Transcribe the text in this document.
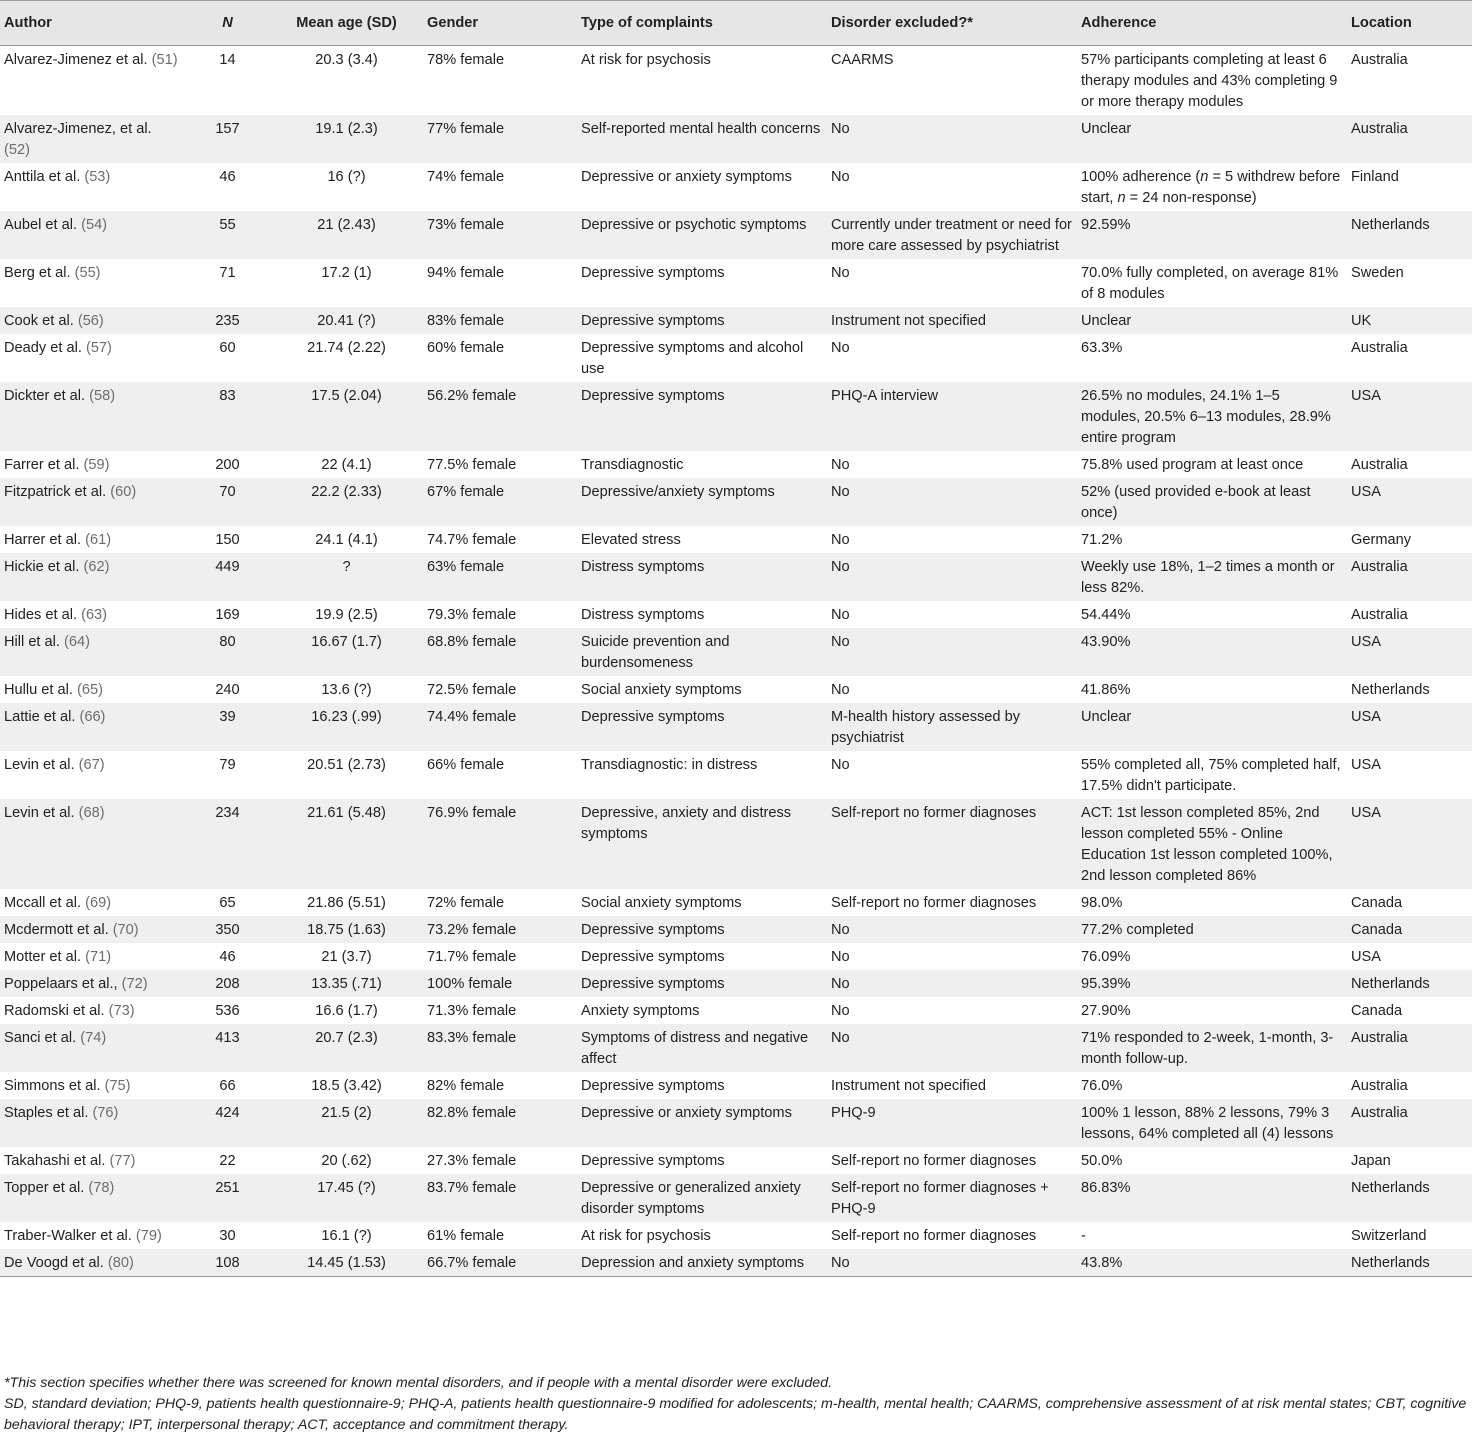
Author	N	Mean age (SD)	Gender	Type of complaints	Disorder excluded?*	Adherence	Location
Alvarez-Jimenez et al. (51)	14	20.3 (3.4)	78% female	At risk for psychosis	CAARMS	57% participants completing at least 6 therapy modules and 43% completing 9 or more therapy modules	Australia
Alvarez-Jimenez, et al. (52)	157	19.1 (2.3)	77% female	Self-reported mental health concerns	No	Unclear	Australia
Anttila et al. (53)	46	16 (?)	74% female	Depressive or anxiety symptoms	No	100% adherence (n = 5 withdrew before start, n = 24 non-response)	Finland
Aubel et al. (54)	55	21 (2.43)	73% female	Depressive or psychotic symptoms	Currently under treatment or need for more care assessed by psychiatrist	92.59%	Netherlands
Berg et al. (55)	71	17.2 (1)	94% female	Depressive symptoms	No	70.0% fully completed, on average 81% of 8 modules	Sweden
Cook et al. (56)	235	20.41 (?)	83% female	Depressive symptoms	Instrument not specified	Unclear	UK
Deady et al. (57)	60	21.74 (2.22)	60% female	Depressive symptoms and alcohol use	No	63.3%	Australia
Dickter et al. (58)	83	17.5 (2.04)	56.2% female	Depressive symptoms	PHQ-A interview	26.5% no modules, 24.1% 1–5 modules, 20.5% 6–13 modules, 28.9% entire program	USA
Farrer et al. (59)	200	22 (4.1)	77.5% female	Transdiagnostic	No	75.8% used program at least once	Australia
Fitzpatrick et al. (60)	70	22.2 (2.33)	67% female	Depressive/anxiety symptoms	No	52% (used provided e-book at least once)	USA
Harrer et al. (61)	150	24.1 (4.1)	74.7% female	Elevated stress	No	71.2%	Germany
Hickie et al. (62)	449	?	63% female	Distress symptoms	No	Weekly use 18%, 1–2 times a month or less 82%.	Australia
Hides et al. (63)	169	19.9 (2.5)	79.3% female	Distress symptoms	No	54.44%	Australia
Hill et al. (64)	80	16.67 (1.7)	68.8% female	Suicide prevention and burdensomeness	No	43.90%	USA
Hullu et al. (65)	240	13.6 (?)	72.5% female	Social anxiety symptoms	No	41.86%	Netherlands
Lattie et al. (66)	39	16.23 (.99)	74.4% female	Depressive symptoms	M-health history assessed by psychiatrist	Unclear	USA
Levin et al. (67)	79	20.51 (2.73)	66% female	Transdiagnostic: in distress	No	55% completed all, 75% completed half, 17.5% didn't participate.	USA
Levin et al. (68)	234	21.61 (5.48)	76.9% female	Depressive, anxiety and distress symptoms	Self-report no former diagnoses	ACT: 1st lesson completed 85%, 2nd lesson completed 55% - Online Education 1st lesson completed 100%, 2nd lesson completed 86%	USA
Mccall et al. (69)	65	21.86 (5.51)	72% female	Social anxiety symptoms	Self-report no former diagnoses	98.0%	Canada
Mcdermott et al. (70)	350	18.75 (1.63)	73.2% female	Depressive symptoms	No	77.2% completed	Canada
Motter et al. (71)	46	21 (3.7)	71.7% female	Depressive symptoms	No	76.09%	USA
Poppelaars et al., (72)	208	13.35 (.71)	100% female	Depressive symptoms	No	95.39%	Netherlands
Radomski et al. (73)	536	16.6 (1.7)	71.3% female	Anxiety symptoms	No	27.90%	Canada
Sanci et al. (74)	413	20.7 (2.3)	83.3% female	Symptoms of distress and negative affect	No	71% responded to 2-week, 1-month, 3-month follow-up.	Australia
Simmons et al. (75)	66	18.5 (3.42)	82% female	Depressive symptoms	Instrument not specified	76.0%	Australia
Staples et al. (76)	424	21.5 (2)	82.8% female	Depressive or anxiety symptoms	PHQ-9	100% 1 lesson, 88% 2 lessons, 79% 3 lessons, 64% completed all (4) lessons	Australia
Takahashi et al. (77)	22	20 (.62)	27.3% female	Depressive symptoms	Self-report no former diagnoses	50.0%	Japan
Topper et al. (78)	251	17.45 (?)	83.7% female	Depressive or generalized anxiety disorder symptoms	Self-report no former diagnoses + PHQ-9	86.83%	Netherlands
Traber-Walker et al. (79)	30	16.1 (?)	61% female	At risk for psychosis	Self-report no former diagnoses	-	Switzerland
De Voogd et al. (80)	108	14.45 (1.53)	66.7% female	Depression and anxiety symptoms	No	43.8%	Netherlands
*This section specifies whether there was screened for known mental disorders, and if people with a mental disorder were excluded.
SD, standard deviation; PHQ-9, patients health questionnaire-9; PHQ-A, patients health questionnaire-9 modified for adolescents; m-health, mental health; CAARMS, comprehensive assessment of at risk mental states; CBT, cognitive behavioral therapy; IPT, interpersonal therapy; ACT, acceptance and commitment therapy.
